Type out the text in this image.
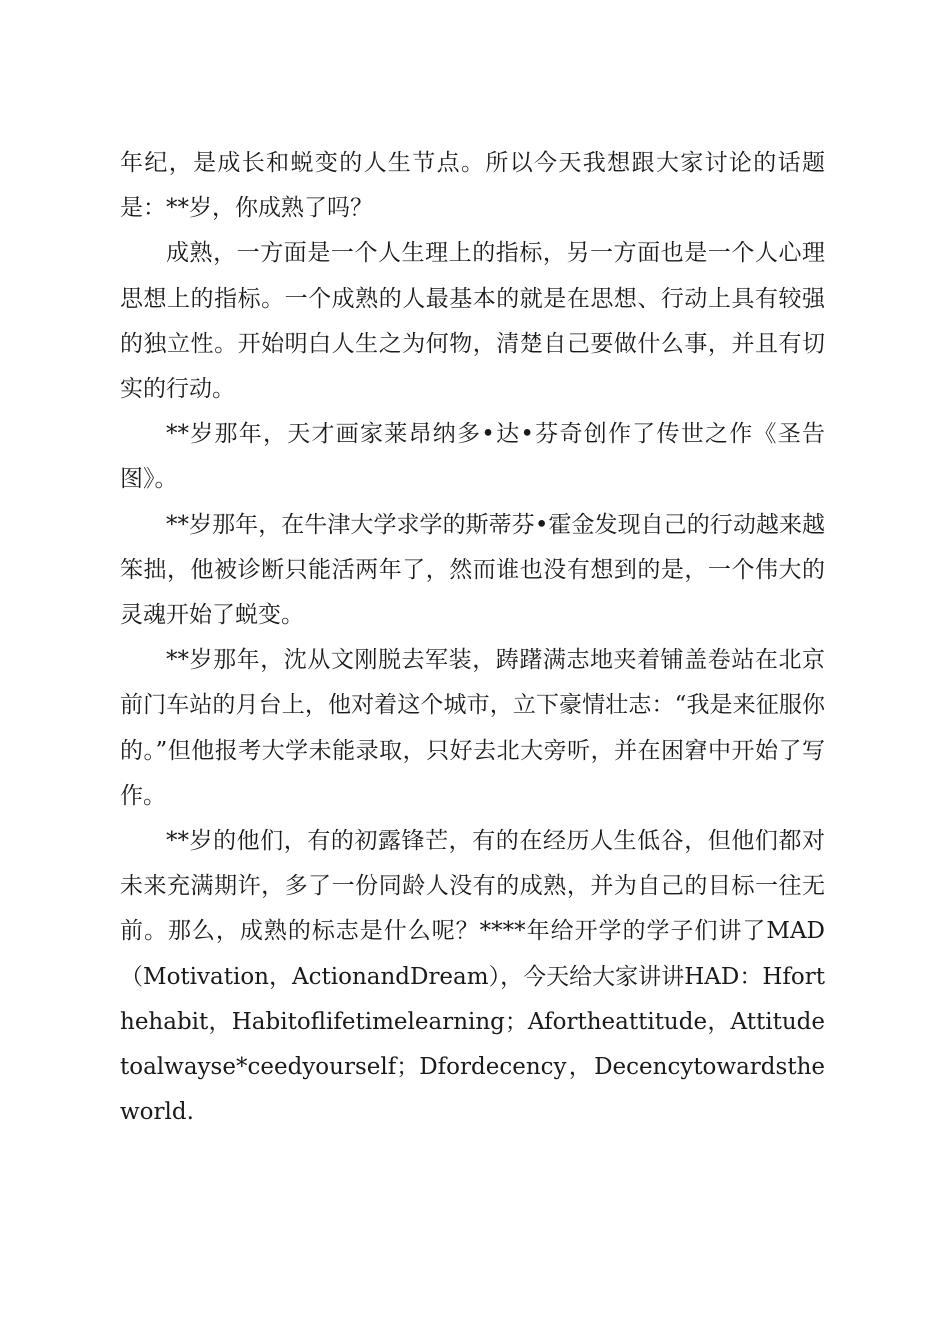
年纪，是成长和蜕变的人生节点。所以今天我想跟大家讨论的话题是：**岁，你成熟了吗？

成熟，一方面是一个人生理上的指标，另一方面也是一个人心理思想上的指标。一个成熟的人最基本的就是在思想、行动上具有较强的独立性。开始明白人生之为何物，清楚自己要做什么事，并且有切实的行动。

**岁那年，天才画家莱昂纳多•达•芬奇创作了传世之作《圣告图》。

**岁那年，在牛津大学求学的斯蒂芬•霍金发现自己的行动越来越笨拙，他被诊断只能活两年了，然而谁也没有想到的是，一个伟大的灵魂开始了蜕变。

**岁那年，沈从文刚脱去军装，踌躇满志地夹着铺盖卷站在北京前门车站的月台上，他对着这个城市，立下豪情壮志：“我是来征服你的。”但他报考大学未能录取，只好去北大旁听，并在困窘中开始了写作。

**岁的他们，有的初露锋芒，有的在经历人生低谷，但他们都对未来充满期许，多了一份同龄人没有的成熟，并为自己的目标一往无前。那么，成熟的标志是什么呢？****年给开学的学子们讲了MAD（Motivation，ActionandDream），今天给大家讲讲HAD：Hforthehabit，Habitoflifetimelearning；Afortheattitude，Attitudetoalwayse*ceedyourself；Dfordecency，Decencytowardstheworld.
